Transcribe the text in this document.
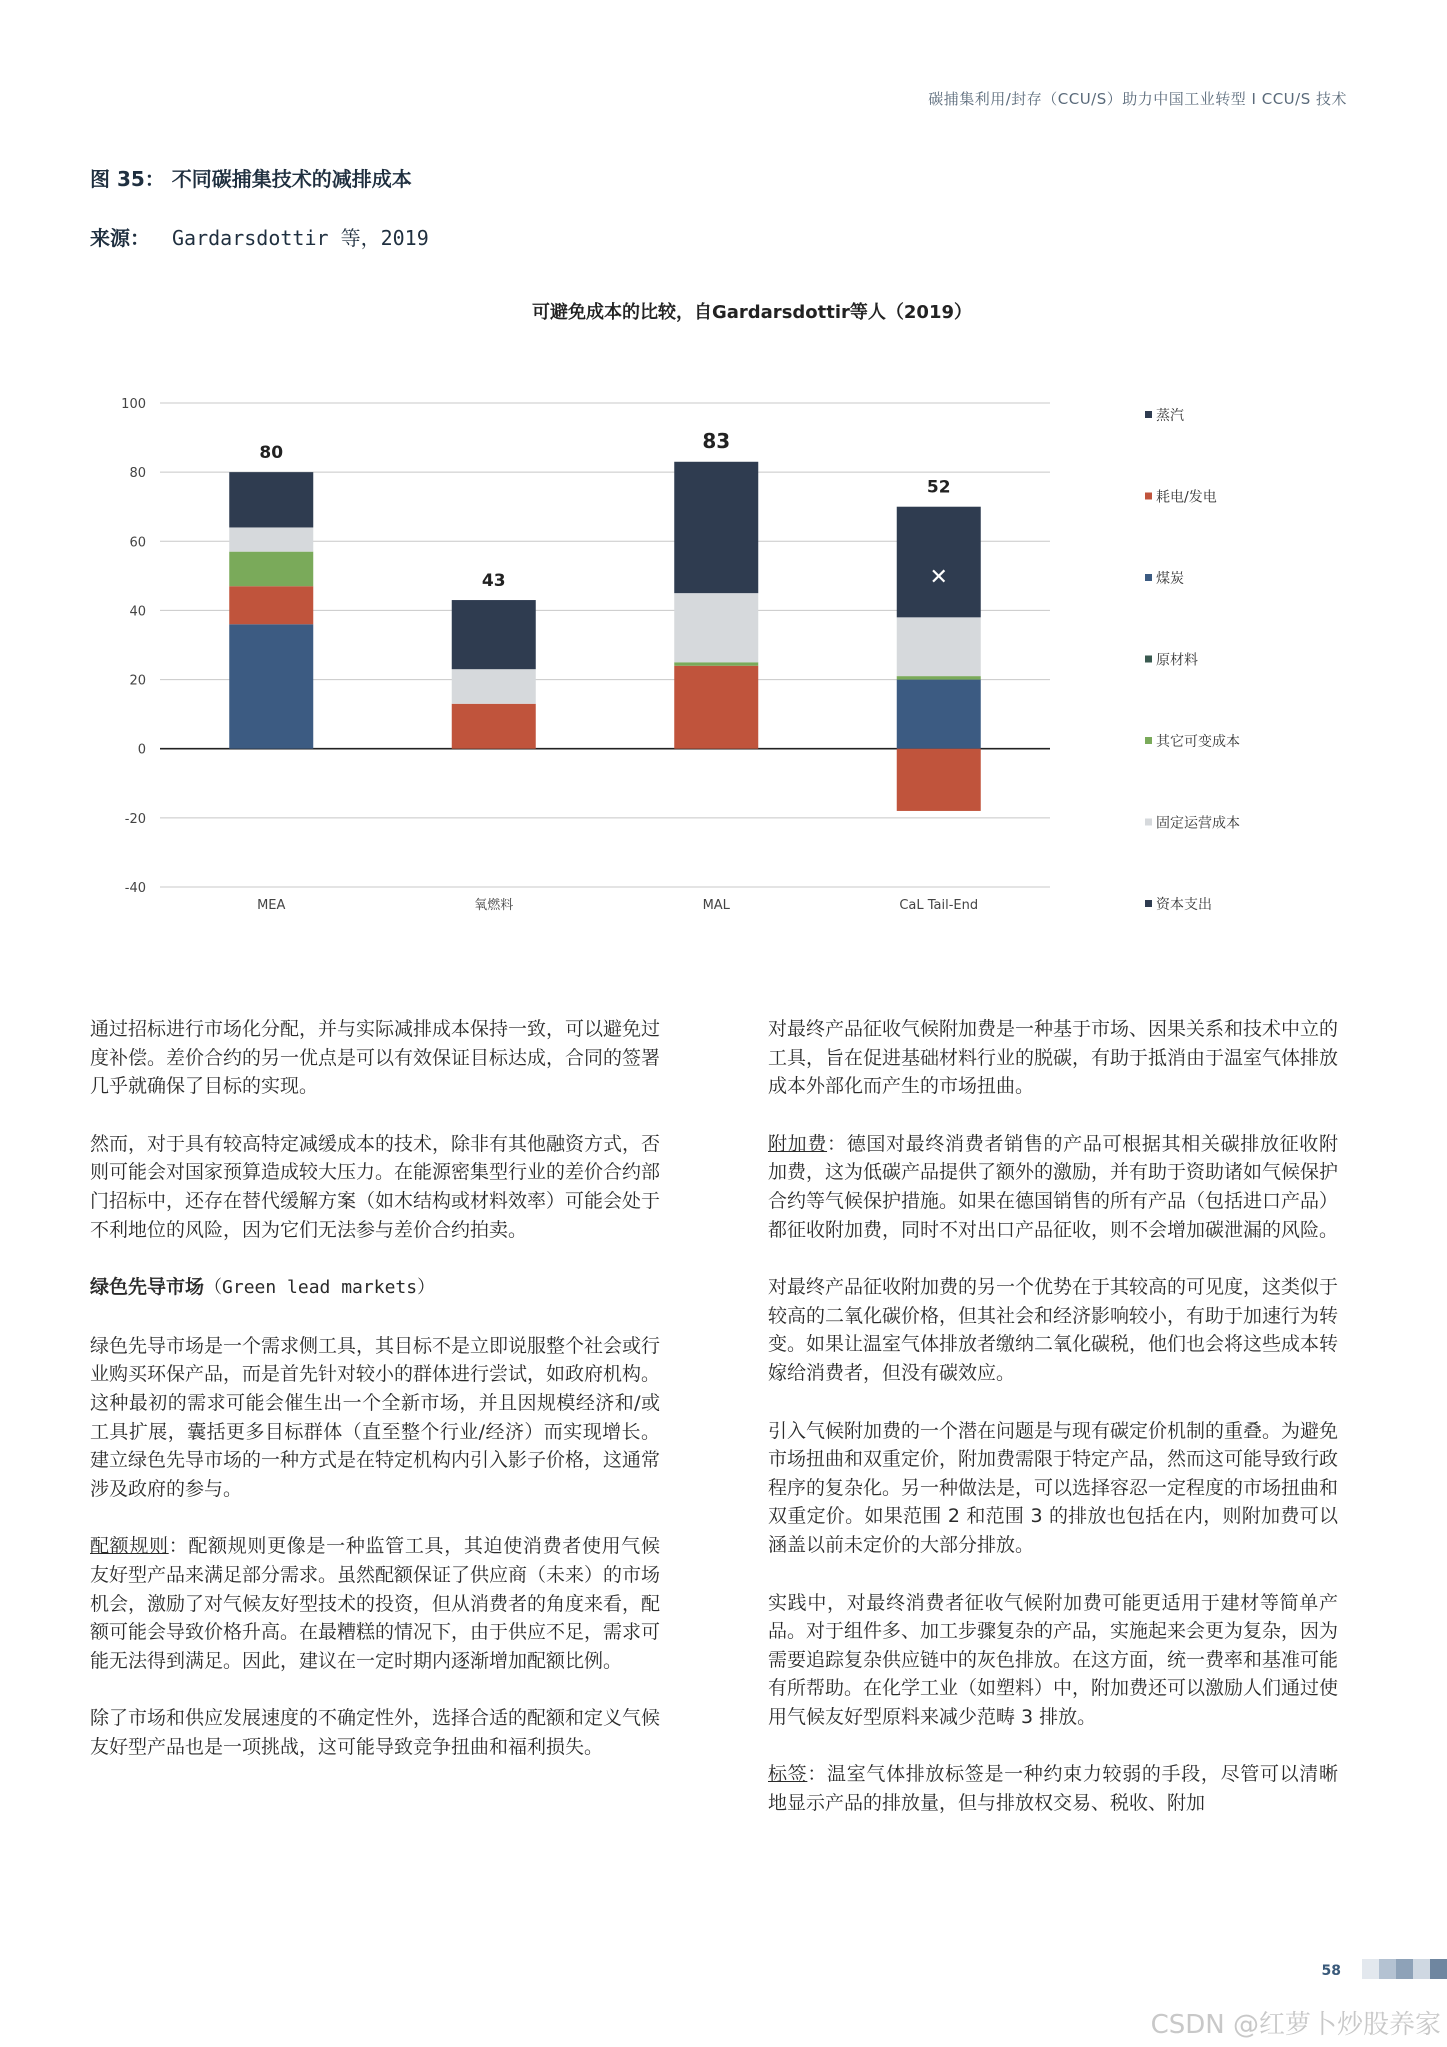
碳捕集利用/封存（CCU/S）助力中国工业转型 I CCU/S 技术
图 35： 不同碳捕集技术的减排成本
来源： Gardarsdottir 等，2019
可避免成本的比较，自Gardarsdottir等人（2019）
100
80
60
40
20
0
-20
-40
80
MEA
43
氧燃料
83
MAL
52
CaL Tail-End
✕
蒸汽
耗电/发电
煤炭
原材料
其它可变成本
固定运营成本
资本支出

通过招标进行市场化分配，并与实际减排成本保持一致，可以避免过度补偿。差价合约的另一优点是可以有效保证目标达成，合同的签署几乎就确保了目标的实现。

然而，对于具有较高特定减缓成本的技术，除非有其他融资方式，否则可能会对国家预算造成较大压力。在能源密集型行业的差价合约部门招标中，还存在替代缓解方案（如木结构或材料效率）可能会处于不利地位的风险，因为它们无法参与差价合约拍卖。

绿色先导市场（Green lead markets）

绿色先导市场是一个需求侧工具，其目标不是立即说服整个社会或行业购买环保产品，而是首先针对较小的群体进行尝试，如政府机构。这种最初的需求可能会催生出一个全新市场，并且因规模经济和/或工具扩展，囊括更多目标群体（直至整个行业/经济）而实现增长。建立绿色先导市场的一种方式是在特定机构内引入影子价格，这通常涉及政府的参与。

配额规则：配额规则更像是一种监管工具，其迫使消费者使用气候友好型产品来满足部分需求。虽然配额保证了供应商（未来）的市场机会，激励了对气候友好型技术的投资，但从消费者的角度来看，配额可能会导致价格升高。在最糟糕的情况下，由于供应不足，需求可能无法得到满足。因此，建议在一定时期内逐渐增加配额比例。

除了市场和供应发展速度的不确定性外，选择合适的配额和定义气候友好型产品也是一项挑战，这可能导致竞争扭曲和福利损失。

对最终产品征收气候附加费是一种基于市场、因果关系和技术中立的工具，旨在促进基础材料行业的脱碳，有助于抵消由于温室气体排放成本外部化而产生的市场扭曲。

附加费：德国对最终消费者销售的产品可根据其相关碳排放征收附加费，这为低碳产品提供了额外的激励，并有助于资助诸如气候保护合约等气候保护措施。如果在德国销售的所有产品（包括进口产品）都征收附加费，同时不对出口产品征收，则不会增加碳泄漏的风险。

对最终产品征收附加费的另一个优势在于其较高的可见度，这类似于较高的二氧化碳价格，但其社会和经济影响较小，有助于加速行为转变。如果让温室气体排放者缴纳二氧化碳税，他们也会将这些成本转嫁给消费者，但没有碳效应。

引入气候附加费的一个潜在问题是与现有碳定价机制的重叠。为避免市场扭曲和双重定价，附加费需限于特定产品，然而这可能导致行政程序的复杂化。另一种做法是，可以选择容忍一定程度的市场扭曲和双重定价。如果范围 2 和范围 3 的排放也包括在内，则附加费可以涵盖以前未定价的大部分排放。

实践中，对最终消费者征收气候附加费可能更适用于建材等简单产品。对于组件多、加工步骤复杂的产品，实施起来会更为复杂，因为需要追踪复杂供应链中的灰色排放。在这方面，统一费率和基准可能有所帮助。在化学工业（如塑料）中，附加费还可以激励人们通过使用气候友好型原料来减少范畴 3 排放。

标签：温室气体排放标签是一种约束力较弱的手段，尽管可以清晰地显示产品的排放量，但与排放权交易、税收、附加

58
CSDN @红萝卜炒股养家
